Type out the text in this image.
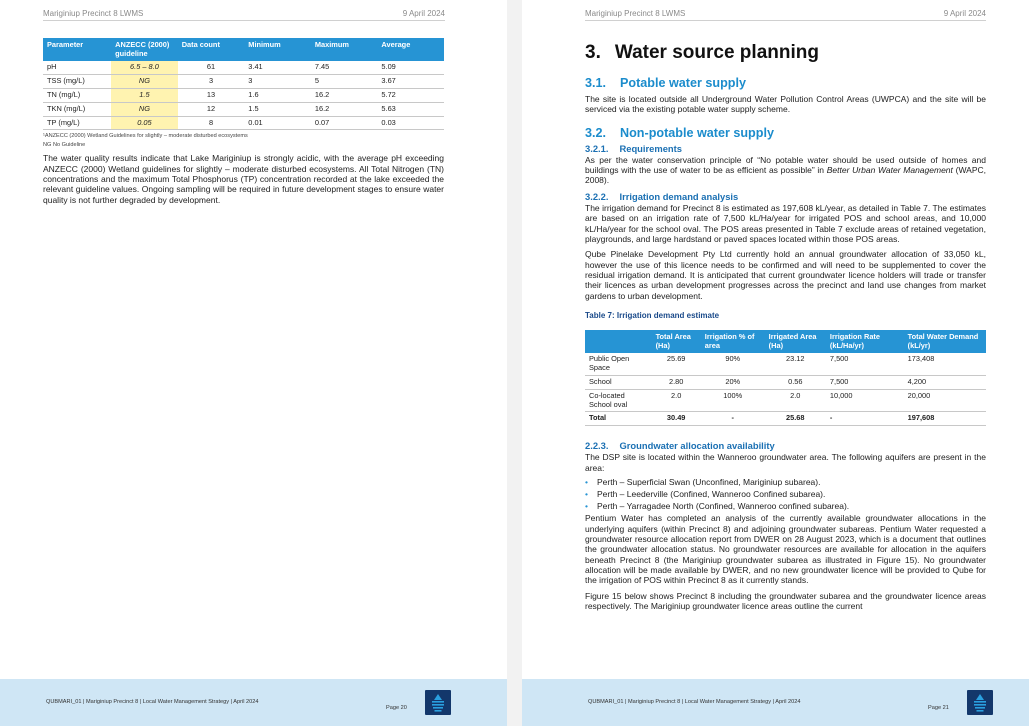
Mariginiup Precinct 8 LWMS	9 April 2024
Parameter	ANZECC (2000) guideline	Data count	Minimum	Maximum	Average
pH	6.5 – 8.0	61	3.41	7.45	5.09
TSS (mg/L)	NG	3	3	5	3.67
TN (mg/L)	1.5	13	1.6	16.2	5.72
TKN (mg/L)	NG	12	1.5	16.2	5.63
TP (mg/L)	0.05	8	0.01	0.07	0.03
¹ANZECC (2000) Wetland Guidelines for slightly – moderate disturbed ecosystems
NG No Guideline

The water quality results indicate that Lake Mariginiup is strongly acidic, with the average pH exceeding ANZECC (2000) Wetland guidelines for slightly – moderate disturbed ecosystems. All Total Nitrogen (TN) concentrations and the maximum Total Phosphorus (TP) concentration recorded at the lake exceeded the relevant guideline values. Ongoing sampling will be required in future development stages to ensure water quality is not further degraded by development.

QUBMARI_01 | Mariginiup Precinct 8 | Local Water Management Strategy | April 2024
Page 20
Mariginiup Precinct 8 LWMS	9 April 2024
3. Water source planning
3.1. Potable water supply

The site is located outside all Underground Water Pollution Control Areas (UWPCA) and the site will be serviced via the existing potable water supply scheme.

3.2. Non-potable water supply
3.2.1. Requirements

As per the water conservation principle of “No potable water should be used outside of homes and buildings with the use of water to be as efficient as possible” in Better Urban Water Management (WAPC, 2008).

3.2.2. Irrigation demand analysis

The irrigation demand for Precinct 8 is estimated as 197,608 kL/year, as detailed in Table 7. The estimates are based on an irrigation rate of 7,500 kL/Ha/year for irrigated POS and school areas, and 10,000 kL/Ha/year for the school oval. The POS areas presented in Table 7 exclude areas of retained vegetation, playgrounds, and large hardstand or paved spaces located within those POS areas.

Qube Pinelake Development Pty Ltd currently hold an annual groundwater allocation of 33,050 kL, however the use of this licence needs to be confirmed and will need to be supplemented to cover the residual irrigation demand. It is anticipated that current groundwater licence holders will trade or transfer their licences as urban development progresses across the precinct and land use changes from market gardens to urban development.

Table 7: Irrigation demand estimate
	Total Area (Ha)	Irrigation % of area	Irrigated Area (Ha)	Irrigation Rate (kL/Ha/yr)	Total Water Demand (kL/yr)
Public Open Space	25.69	90%	23.12	7,500	173,408
School	2.80	20%	0.56	7,500	4,200
Co-located School oval	2.0	100%	2.0	10,000	20,000
Total	30.49	-	25.68	-	197,608
2.2.3. Groundwater allocation availability

The DSP site is located within the Wanneroo groundwater area. The following aquifers are present in the area:

• Perth – Superficial Swan (Unconfined, Mariginiup subarea).
• Perth – Leederville (Confined, Wanneroo Confined subarea).
• Perth – Yarragadee North (Confined, Wanneroo confined subarea).

Pentium Water has completed an analysis of the currently available groundwater allocations in the underlying aquifers (within Precinct 8) and adjoining groundwater subareas. Pentium Water requested a groundwater resource allocation report from DWER on 28 August 2023, which is a document that outlines the groundwater allocation status. No groundwater resources are available for allocation in the aquifers beneath Precinct 8 (the Mariginiup groundwater subarea as illustrated in Figure 15). No groundwater allocation will be made available by DWER, and no new groundwater licence will be provided to Qube for the irrigation of POS within Precinct 8 as it currently stands.

Figure 15 below shows Precinct 8 including the groundwater subarea and the groundwater licence areas respectively. The Mariginiup groundwater licence areas outline the current

QUBMARI_01 | Mariginiup Precinct 8 | Local Water Management Strategy | April 2024
Page 21
